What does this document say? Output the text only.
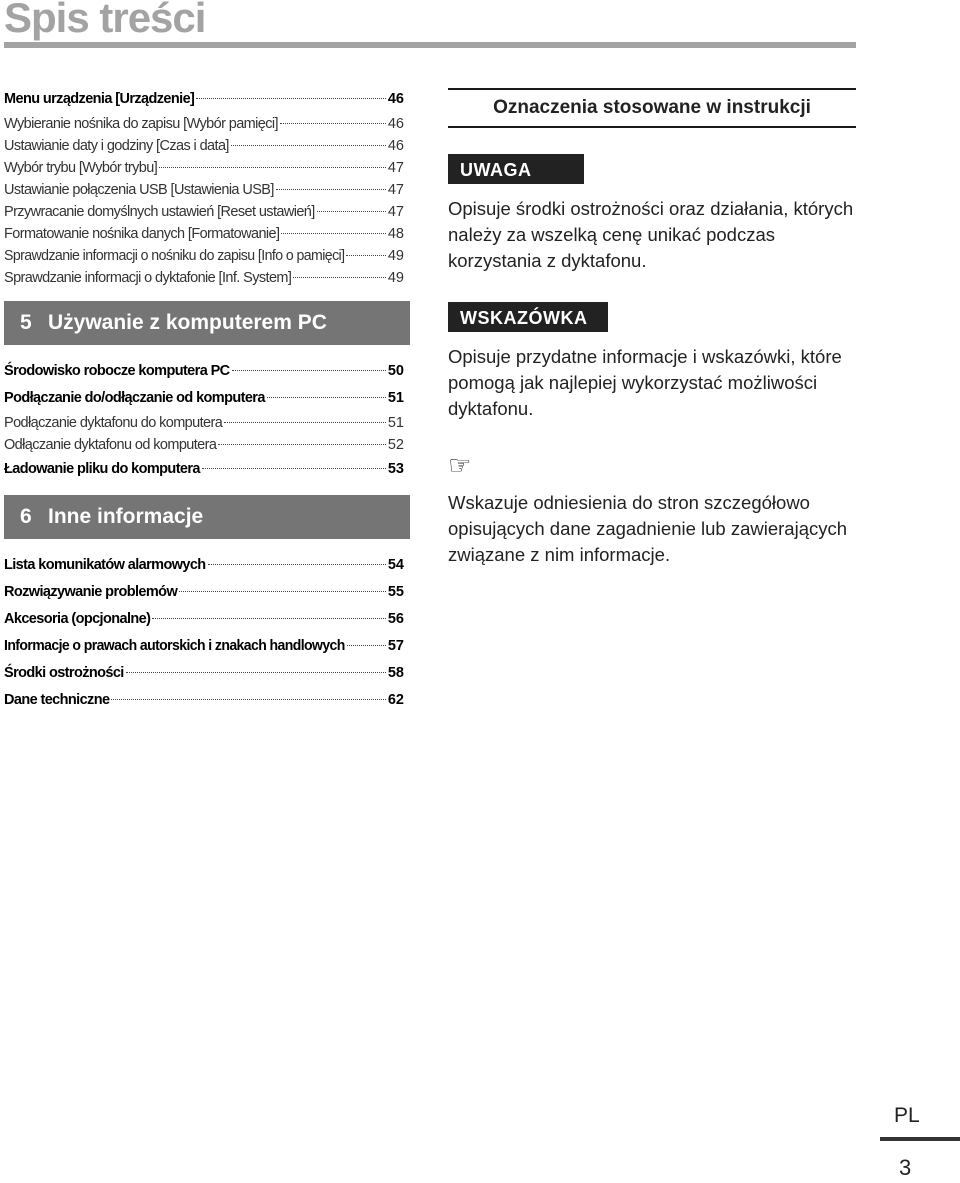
Spis treści
Menu urządzenia [Urządzenie]	46
Wybieranie nośnika do zapisu [Wybór pamięci]	46
Ustawianie daty i godziny [Czas i data]	46
Wybór trybu [Wybór trybu]	47
Ustawianie połączenia USB [Ustawienia USB]	47
Przywracanie domyślnych ustawień [Reset ustawień]	47
Formatowanie nośnika danych [Formatowanie]	48
Sprawdzanie informacji o nośniku do zapisu [Info o pamięci]	49
Sprawdzanie informacji o dyktafonie [Inf. System]	49
5 Używanie z komputerem PC
Środowisko robocze komputera PC	50
Podłączanie do/odłączanie od komputera	51
Podłączanie dyktafonu do komputera	51
Odłączanie dyktafonu od komputera	52
Ładowanie pliku do komputera	53
6 Inne informacje
Lista komunikatów alarmowych	54
Rozwiązywanie problemów	55
Akcesoria (opcjonalne)	56
Informacje o prawach autorskich i znakach handlowych	57
Środki ostrożności	58
Dane techniczne	62
Oznaczenia stosowane w instrukcji
UWAGA

Opisuje środki ostrożności oraz działania, których należy za wszelką cenę unikać podczas korzystania z dyktafonu.

WSKAZÓWKA

Opisuje przydatne informacje i wskazówki, które pomogą jak najlepiej wykorzystać możliwości dyktafonu.

☞

Wskazuje odniesienia do stron szczegółowo opisujących dane zagadnienie lub zawierających związane z nim informacje.

PL
3
